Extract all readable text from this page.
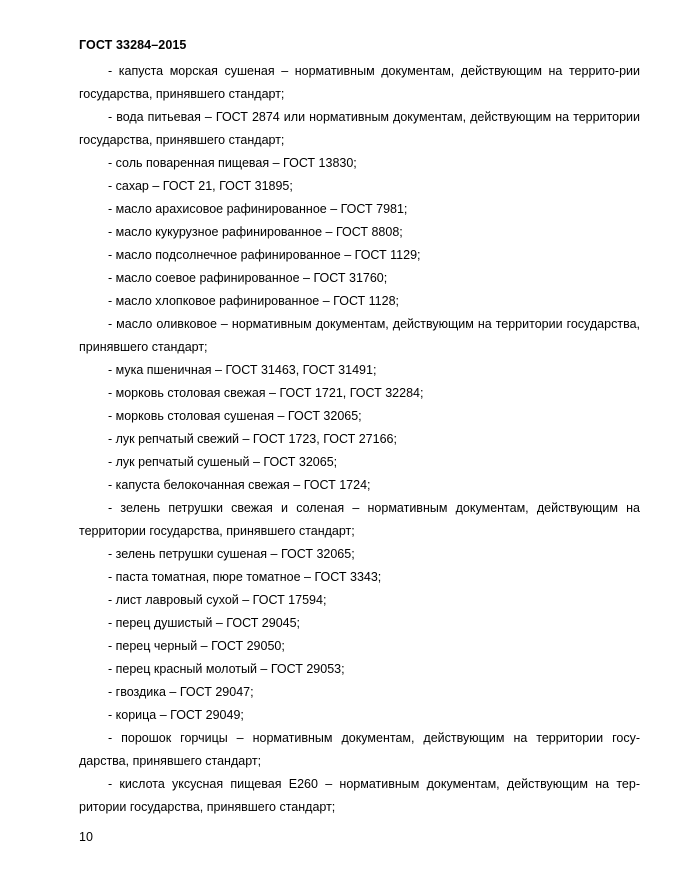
ГОСТ 33284–2015

- капуста морская сушеная – нормативным документам, действующим на террито-рии государства, принявшего стандарт;

- вода питьевая – ГОСТ 2874 или нормативным документам, действующим на территории государства, принявшего стандарт;

- соль поваренная пищевая – ГОСТ 13830;

- сахар – ГОСТ 21, ГОСТ 31895;

- масло арахисовое рафинированное – ГОСТ 7981;

- масло кукурузное рафинированное – ГОСТ 8808;

- масло подсолнечное рафинированное – ГОСТ 1129;

- масло соевое рафинированное – ГОСТ 31760;

- масло хлопковое рафинированное – ГОСТ 1128;

- масло оливковое – нормативным документам, действующим на территории государства, принявшего стандарт;

- мука пшеничная – ГОСТ 31463, ГОСТ 31491;

- морковь столовая свежая – ГОСТ 1721, ГОСТ 32284;

- морковь столовая сушеная – ГОСТ 32065;

- лук репчатый свежий – ГОСТ 1723, ГОСТ 27166;

- лук репчатый сушеный – ГОСТ 32065;

- капуста белокочанная свежая – ГОСТ 1724;

- зелень петрушки свежая и соленая – нормативным документам, действующим на территории государства, принявшего стандарт;

- зелень петрушки сушеная – ГОСТ 32065;

- паста томатная, пюре томатное – ГОСТ 3343;

- лист лавровый сухой – ГОСТ 17594;

- перец душистый – ГОСТ 29045;

- перец черный – ГОСТ 29050;

- перец красный молотый – ГОСТ 29053;

- гвоздика – ГОСТ 29047;

- корица – ГОСТ 29049;

- порошок горчицы – нормативным документам, действующим на территории госу-дарства, принявшего стандарт;

- кислота уксусная пищевая Е260 – нормативным документам, действующим на тер-ритории государства, принявшего стандарт;

10
